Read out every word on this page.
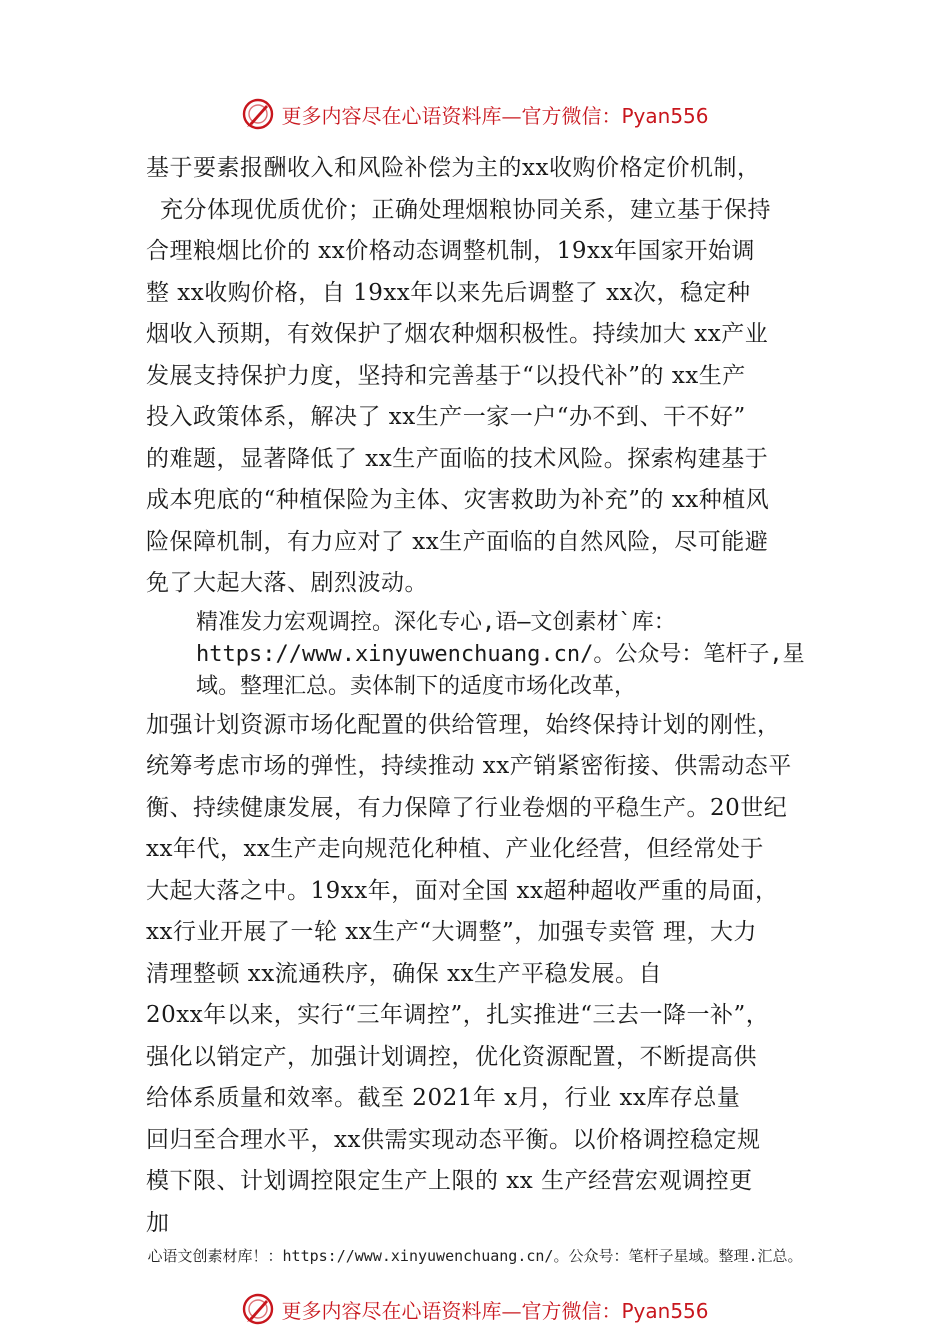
更多内容尽在心语资料库—官方微信：Pyan556
基于要素报酬收入和风险补偿为主的xx收购价格定价机制，
充分体现优质优价；正确处理烟粮协同关系，建立基于保持
合理粮烟比价的 xx价格动态调整机制，19xx年国家开始调
整 xx收购价格，自 19xx年以来先后调整了 xx次，稳定种
烟收入预期，有效保护了烟农种烟积极性。持续加大 xx产业
发展支持保护力度，坚持和完善基于“以投代补”的 xx生产
投入政策体系，解决了 xx生产一家一户“办不到、干不好”
的难题，显著降低了 xx生产面临的技术风险。探索构建基于
成本兜底的“种植保险为主体、灾害救助为补充”的 xx种植风
险保障机制，有力应对了 xx生产面临的自然风险，尽可能避
免了大起大落、剧烈波动。
精准发力宏观调控。深化专心,语—文创素材`库：
https://www.xinyuwenchuang.cn/。公众号：笔杆子,星
域。整理汇总。卖体制下的适度市场化改革，
加强计划资源市场化配置的供给管理，始终保持计划的刚性，
统筹考虑市场的弹性，持续推动 xx产销紧密衔接、供需动态平
衡、持续健康发展，有力保障了行业卷烟的平稳生产。20世纪
xx年代，xx生产走向规范化种植、产业化经营，但经常处于
大起大落之中。19xx年，面对全国 xx超种超收严重的局面，
xx行业开展了一轮 xx生产“大调整”，加强专卖管 理，大力
清理整顿 xx流通秩序，确保 xx生产平稳发展。自
20xx年以来，实行“三年调控”，扎实推进“三去一降一补”，
强化以销定产，加强计划调控，优化资源配置，不断提高供
给体系质量和效率。截至 2021年 x月，行业 xx库存总量
回归至合理水平，xx供需实现动态平衡。以价格调控稳定规
模下限、计划调控限定生产上限的 xx 生产经营宏观调控更
加
心语文创素材库！：https://www.xinyuwenchuang.cn/。公众号：笔杆子星域。整理.汇总。
更多内容尽在心语资料库—官方微信：Pyan556
